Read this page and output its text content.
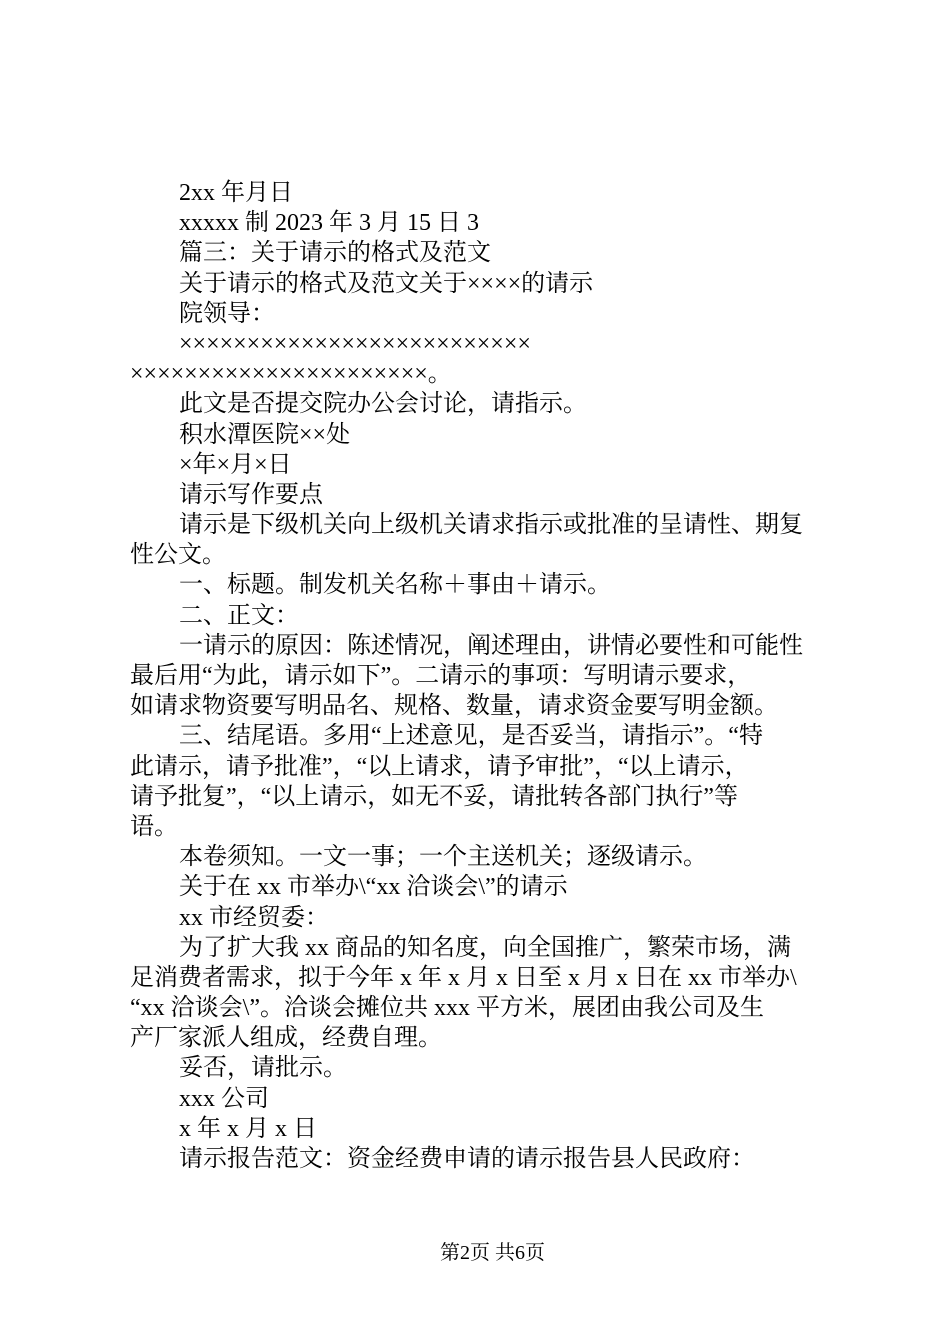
2xx 年月日
xxxxx 制 2023 年 3 月 15 日 3
篇三：关于请示的格式及范文
关于请示的格式及范文关于××××的请示
院领导：
××××××××××××××××××××××××××
××××××××××××××××××××××。
此文是否提交院办公会讨论，请指示。
积水潭医院××处
×年×月×日
请示写作要点
请示是下级机关向上级机关请求指示或批准的呈请性、期复
性公文。
一、标题。制发机关名称＋事由＋请示。
二、正文：
一请示的原因：陈述情况，阐述理由，讲情必要性和可能性
最后用“为此，请示如下”。二请示的事项：写明请示要求，
如请求物资要写明品名、规格、数量，请求资金要写明金额。
三、结尾语。多用“上述意见，是否妥当，请指示”。“特
此请示，请予批准”，“以上请求，请予审批”，“以上请示，
请予批复”，“以上请示，如无不妥，请批转各部门执行”等
语。
本卷须知。一文一事；一个主送机关；逐级请示。
关于在 xx 市举办\“xx 洽谈会\”的请示
xx 市经贸委：
为了扩大我 xx 商品的知名度，向全国推广，繁荣市场，满
足消费者需求，拟于今年 x 年 x 月 x 日至 x 月 x 日在 xx 市举办\
“xx 洽谈会\”。洽谈会摊位共 xxx 平方米，展团由我公司及生
产厂家派人组成，经费自理。
妥否，请批示。
xxx 公司
x 年 x 月 x 日
请示报告范文：资金经费申请的请示报告县人民政府：
第2页 共6页
